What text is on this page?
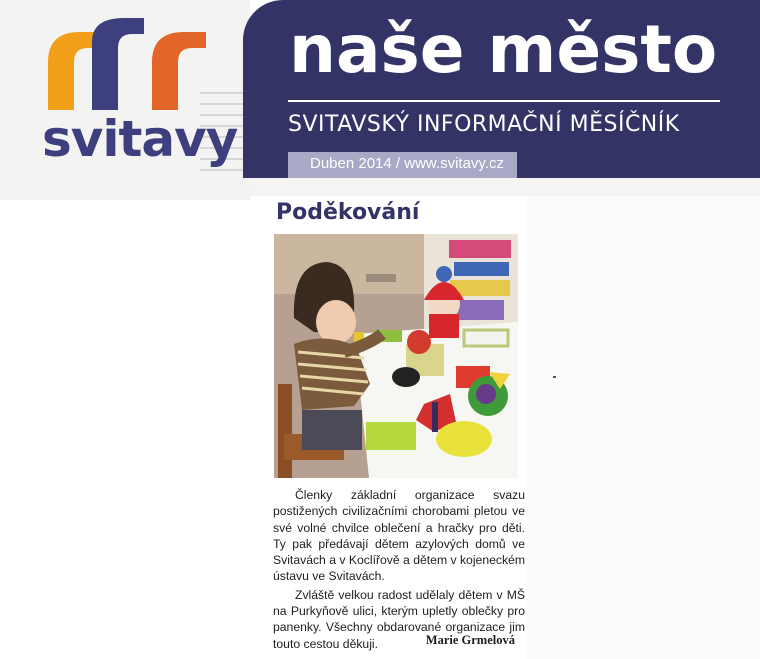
svitavy
naše město
SVITAVSKÝ INFORMAČNÍ MĚSÍČNÍK
Duben 2014 / www.svitavy.cz
Poděkování

Členky základní organizace svazu postižených civilizačními chorobami pletou ve své volné chvilce oblečení a hračky pro děti. Ty pak předávají dětem azylových domů ve Svitavách a v Koclířově a dětem v kojeneckém ústavu ve Svitavách.

Zvláště velkou radost udělaly dětem v MŠ na Purkyňově ulici, kterým upletly oblečky pro panenky. Všechny obdarované organizace jim touto cestou děkuji.	Marie Grmelová
